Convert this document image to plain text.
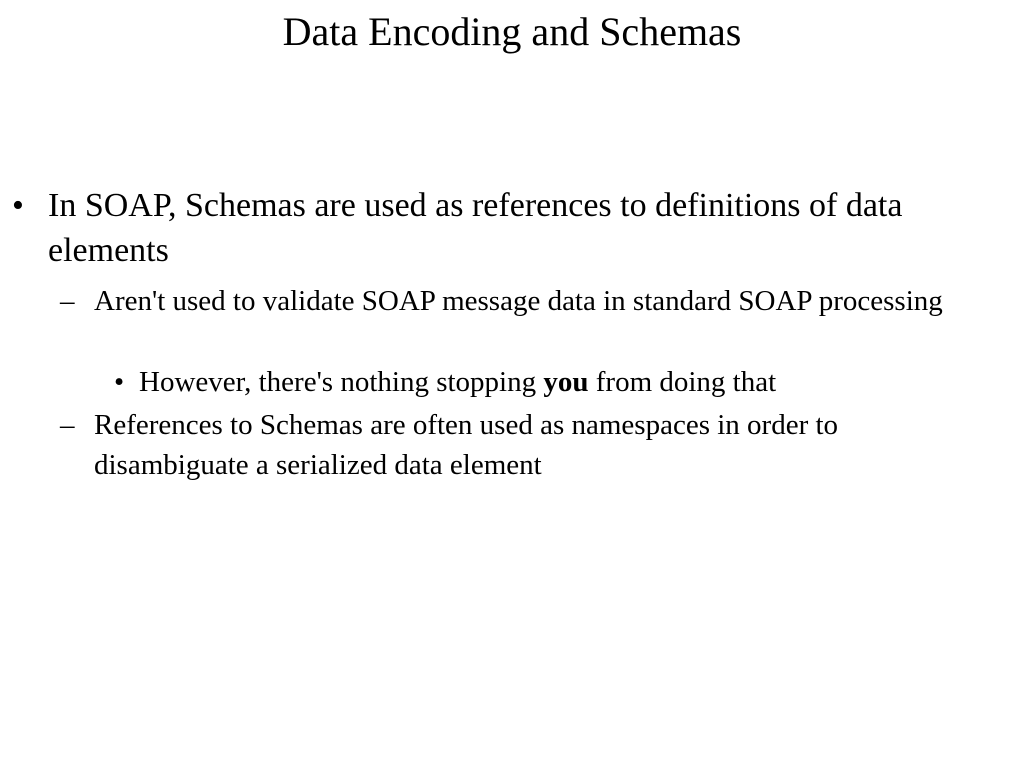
Data Encoding and Schemas
• In SOAP, Schemas are used as references to definitions of data elements
– Aren't used to validate SOAP message data in standard SOAP processing
• However, there's nothing stopping you from doing that
– References to Schemas are often used as namespaces in order to disambiguate a serialized data element
